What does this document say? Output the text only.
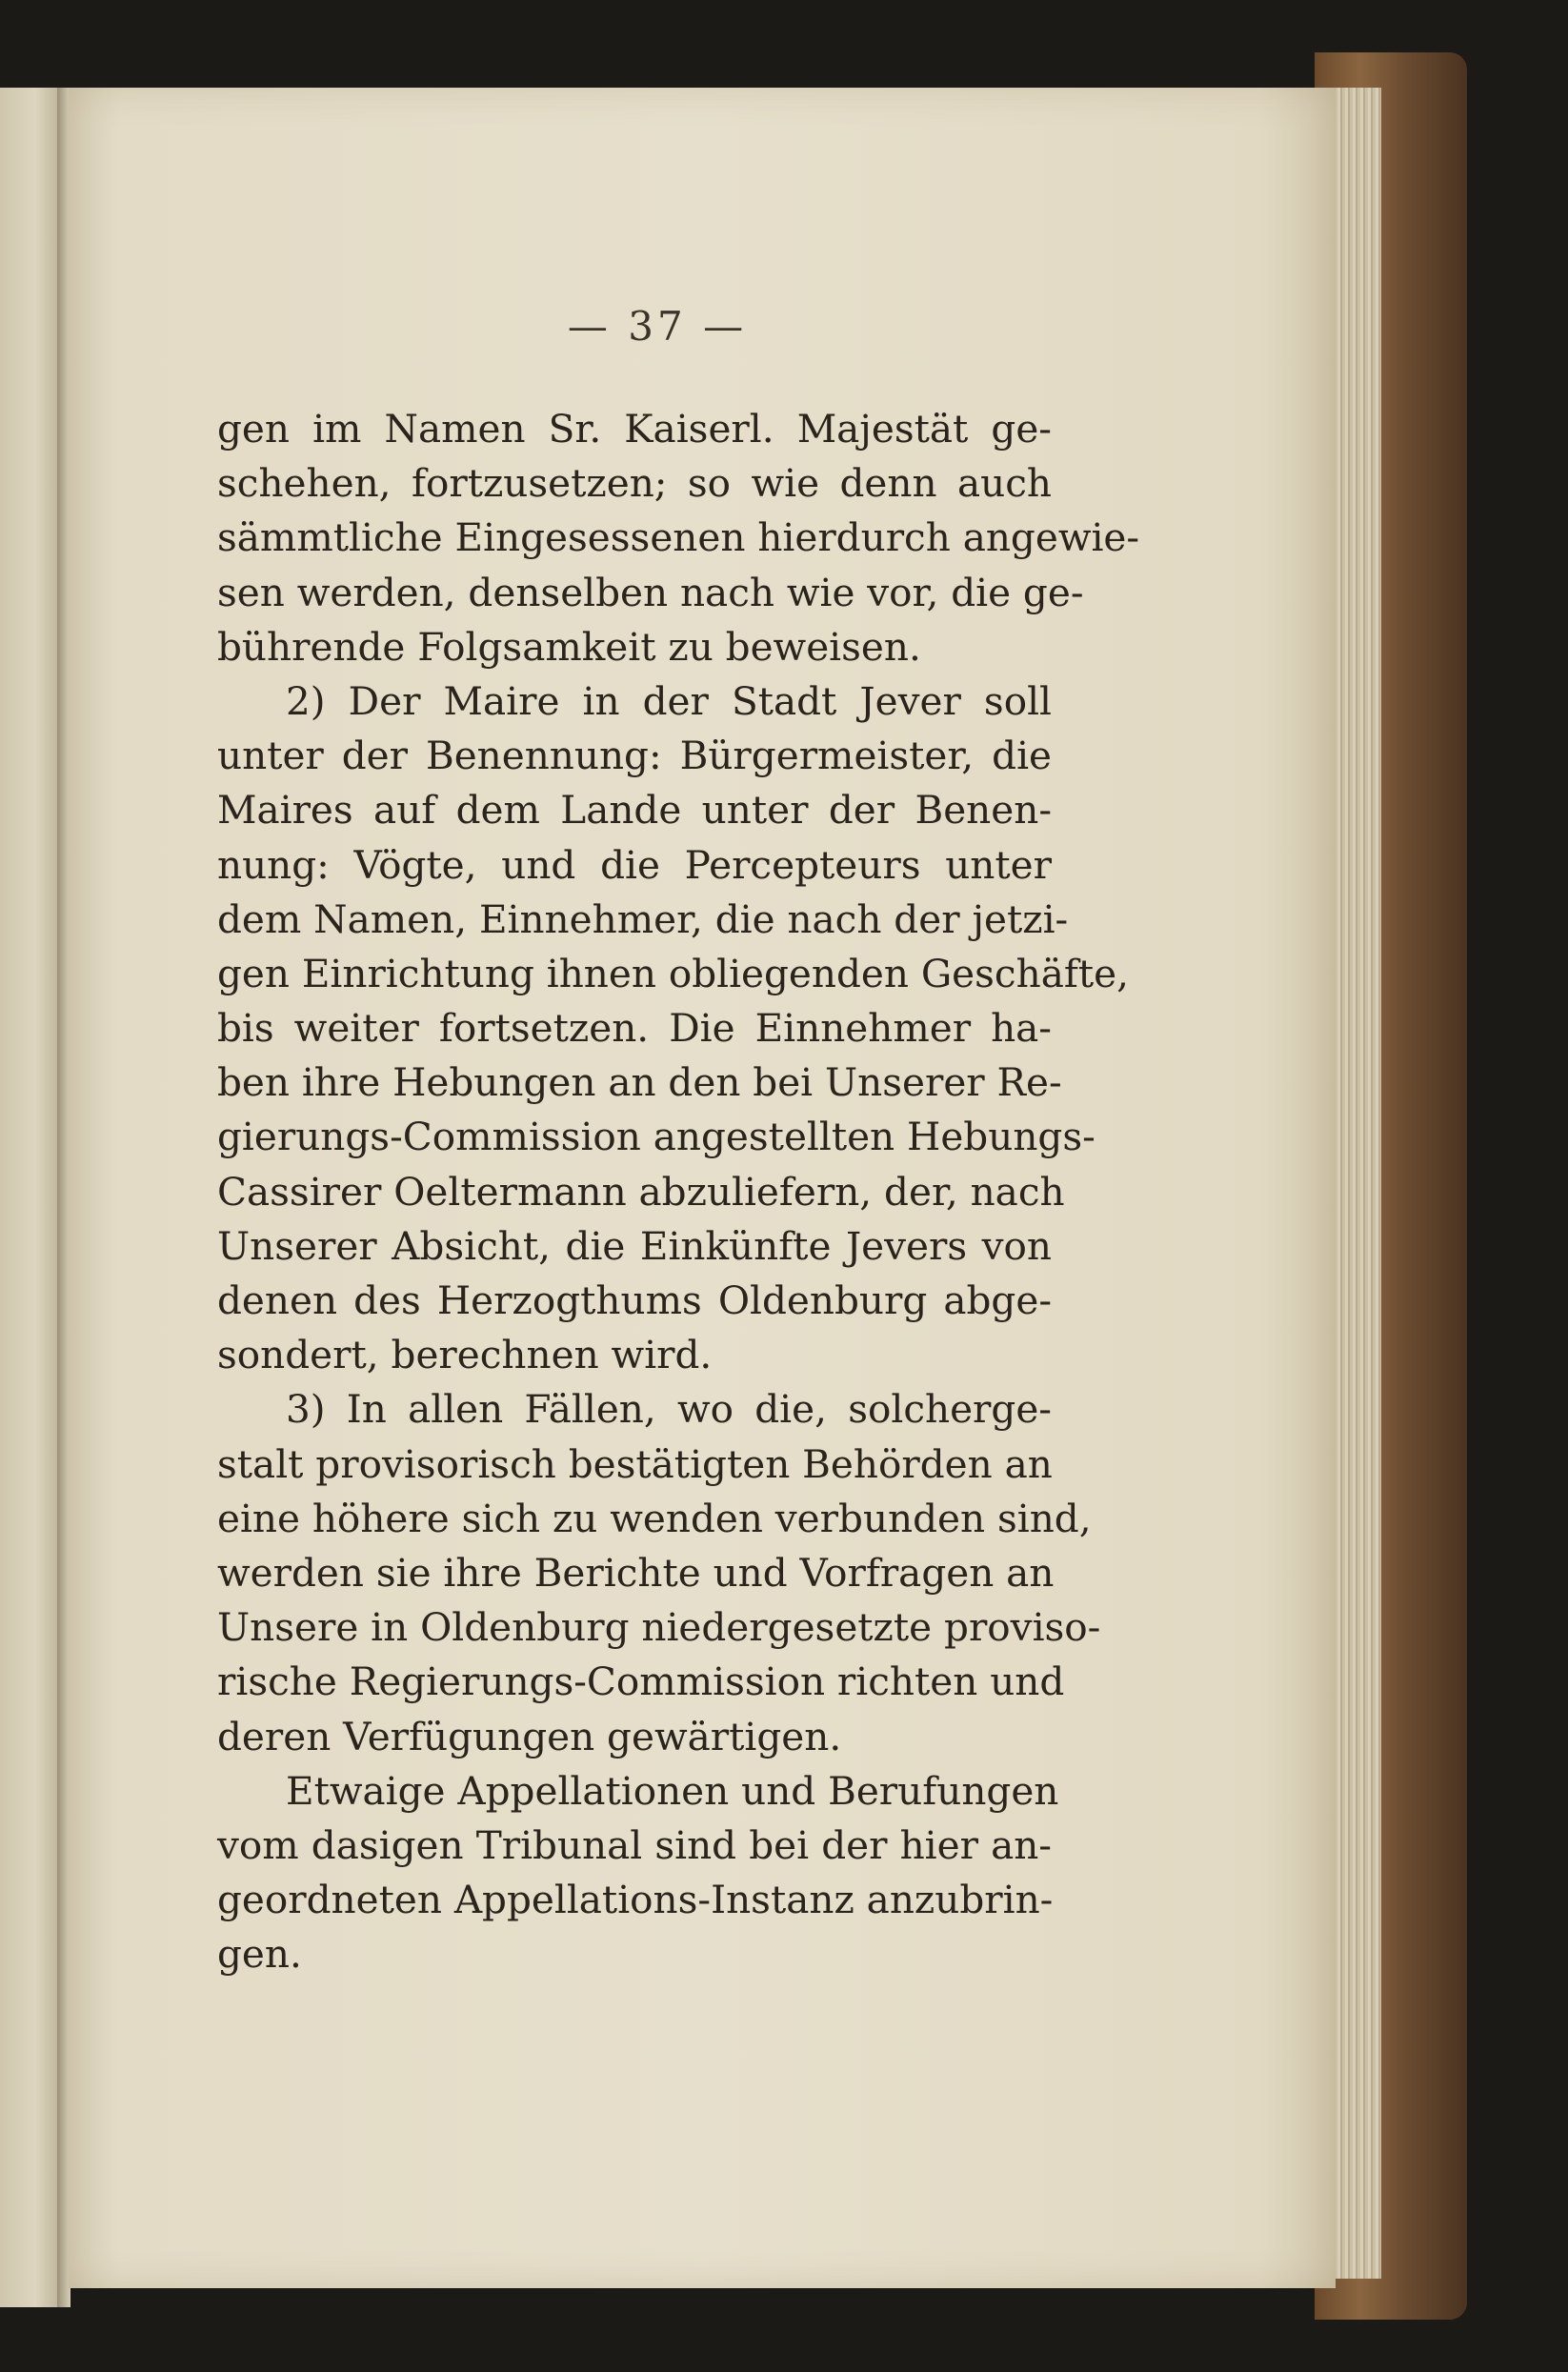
— 37 —
gen im Namen Sr. Kaiserl. Majestät ge-
schehen, fortzusetzen; so wie denn auch
sämmtliche Eingesessenen hierdurch angewie-
sen werden, denselben nach wie vor, die ge-
bührende Folgsamkeit zu beweisen.
2) Der Maire in der Stadt Jever soll
unter der Benennung: Bürgermeister, die
Maires auf dem Lande unter der Benen-
nung: Vögte, und die Percepteurs unter
dem Namen, Einnehmer, die nach der jetzi-
gen Einrichtung ihnen obliegenden Geschäfte,
bis weiter fortsetzen. Die Einnehmer ha-
ben ihre Hebungen an den bei Unserer Re-
gierungs-Commission angestellten Hebungs-
Cassirer Oeltermann abzuliefern, der, nach
Unserer Absicht, die Einkünfte Jevers von
denen des Herzogthums Oldenburg abge-
sondert, berechnen wird.
3) In allen Fällen, wo die, solcherge-
stalt provisorisch bestätigten Behörden an
eine höhere sich zu wenden verbunden sind,
werden sie ihre Berichte und Vorfragen an
Unsere in Oldenburg niedergesetzte proviso-
rische Regierungs-Commission richten und
deren Verfügungen gewärtigen.
Etwaige Appellationen und Berufungen
vom dasigen Tribunal sind bei der hier an-
geordneten Appellations-Instanz anzubrin-
gen.
